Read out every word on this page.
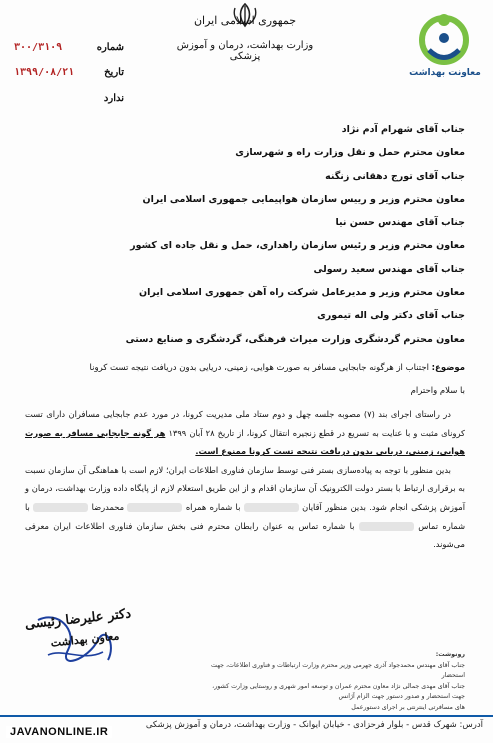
معاونت بهداشت
جمهوری اسلامی ایران
وزارت بهداشت، درمان و آموزش پزشکی
شماره
۳۰۰/۳۱۰۹
تاریخ
۱۳۹۹/۰۸/۲۱
ندارد
جناب آقای شهرام آدم نژاد
معاون محترم حمل و نقل وزارت راه و شهرسازی
جناب آقای تورج دهقانی زنگنه
معاون محترم وزیر و رییس سازمان هواپیمایی جمهوری اسلامی ایران
جناب آقای مهندس حسن نیا
معاون محترم وزیر و رئیس سازمان راهداری، حمل و نقل جاده ای کشور
جناب آقای مهندس سعید رسولی
معاون محترم وزیر و مدیرعامل شرکت راه آهن جمهوری اسلامی ایران
جناب آقای دکتر ولی اله تیموری
معاون محترم گردشگری وزارت میراث فرهنگی، گردشگری و صنایع دستی
موضوع: اجتناب از هرگونه جابجایی مسافر به صورت هوایی، زمینی، دریایی بدون دریافت نتیجه تست کرونا
با سلام واحترام

در راستای اجرای بند (۷) مصوبه جلسه چهل و دوم ستاد ملی مدیریت کرونا، در مورد عدم جابجایی مسافران دارای تست کرونای مثبت و با عنایت به تسریع در قطع زنجیره انتقال کرونا، از تاریخ ۲۸ آبان ۱۳۹۹ هر گونه جابجایی مسافر به صورت هوایی، زمینی، دریایی بدون دریافت نتیجه تست کرونا ممنوع است.

بدین منظور با توجه به پیاده‌سازی بستر فنی توسط سازمان فناوری اطلاعات ایران؛ لازم است با هماهنگی آن سازمان نسبت به برقراری ارتباط با بستر دولت الکترونیک آن سازمان اقدام و از این طریق استعلام لازم از پایگاه داده وزارت بهداشت، درمان و آموزش پزشکی انجام شود. بدین منظور آقایان  با شماره همراه  محمدرضا  با شماره تماس  با شماره تماس به عنوان رابطان محترم فنی بخش سازمان فناوری اطلاعات ایران معرفی می‌شوند.

دکتر علیرضا رئیسی
معاون بهداشت
رونوشت:
جناب آقای مهندس محمدجواد آذری جهرمی وزیر محترم وزارت ارتباطات و فناوری اطلاعات، جهت استحضار
جناب آقای مهدی جمالی نژاد معاون محترم عمران و توسعه امور شهری و روستایی وزارت کشور، جهت استحضار و صدور دستور جهت الزام آژانس
های مسافرتی اینترنتی بر اجرای دستورعمل
آدرس: شهرک قدس - بلوار فرحزادی - خیابان ایوانک - وزارت بهداشت، درمان و آموزش پزشکی
JAVANONLINE.IR
